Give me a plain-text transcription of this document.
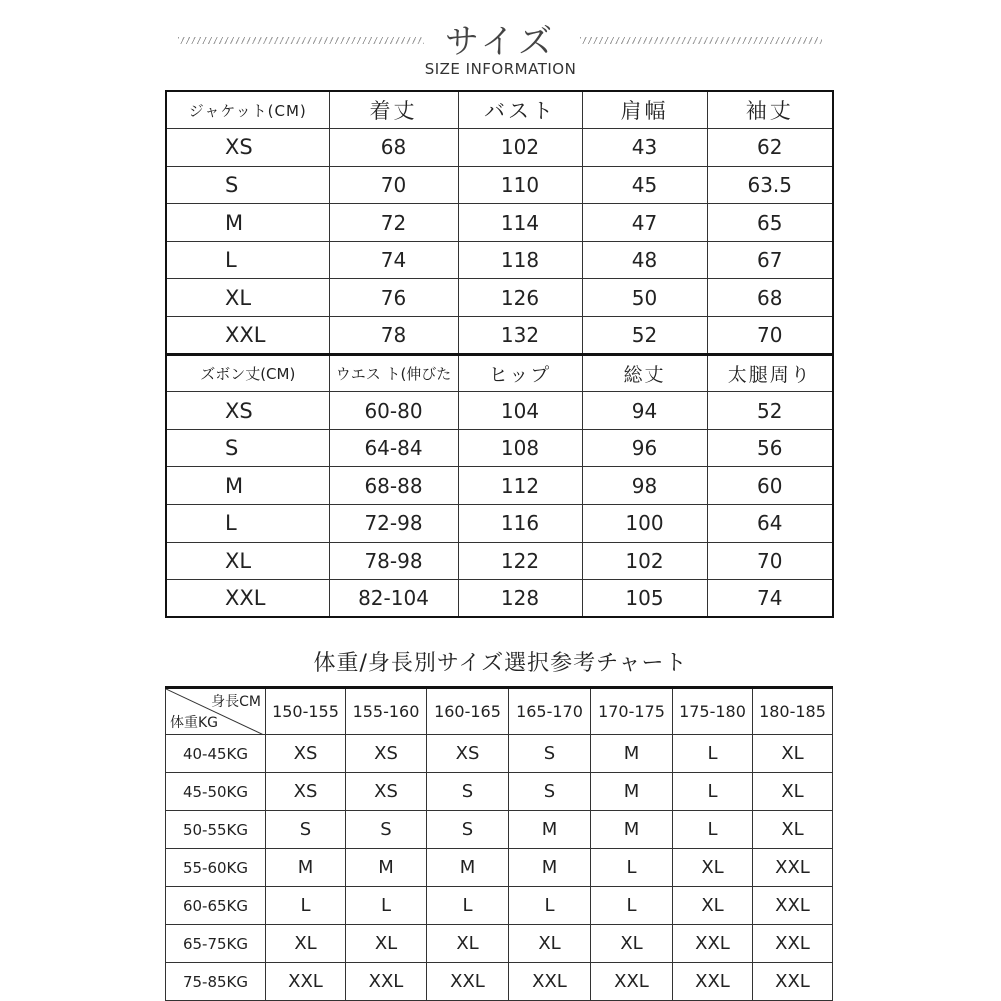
サイズ
SIZE INFORMATION
ジャケット(CM)	着丈	バスト	肩幅	袖丈
XS	68	102	43	62
S	70	110	45	63.5
M	72	114	47	65
L	74	118	48	67
XL	76	126	50	68
XXL	78	132	52	70
ズボン丈(CM)	ウエス ト(伸びた	ヒップ	総丈	太腿周り
XS	60-80	104	94	52
S	64-84	108	96	56
M	68-88	112	98	60
L	72-98	116	100	64
XL	78-98	122	102	70
XXL	82-104	128	105	74
体重/身長別サイズ選択参考チャート
身長CM
体重KG	150-155	155-160	160-165	165-170	170-175	175-180	180-185
40-45KG	XS	XS	XS	S	M	L	XL
45-50KG	XS	XS	S	S	M	L	XL
50-55KG	S	S	S	M	M	L	XL
55-60KG	M	M	M	M	L	XL	XXL
60-65KG	L	L	L	L	L	XL	XXL
65-75KG	XL	XL	XL	XL	XL	XXL	XXL
75-85KG	XXL	XXL	XXL	XXL	XXL	XXL	XXL
